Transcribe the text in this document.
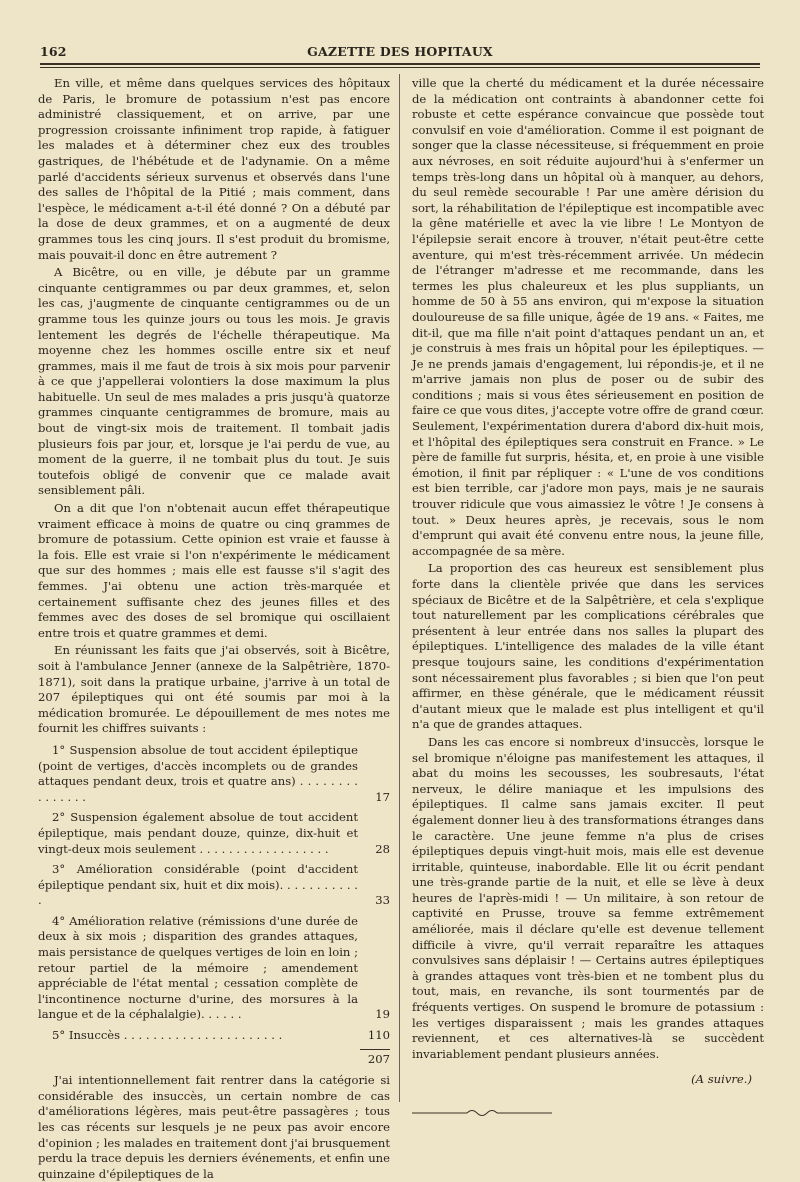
162	GAZETTE DES HOPITAUX

En ville, et même dans quelques services des hôpitaux de Paris, le bromure de potassium n'est pas encore administré classiquement, et on arrive, par une progression croissante infiniment trop rapide, à fatiguer les malades et à déterminer chez eux des troubles gastriques, de l'hébétude et de l'adynamie. On a même parlé d'accidents sérieux survenus et observés dans l'une des salles de l'hôpital de la Pitié ; mais comment, dans l'espèce, le médicament a-t-il été donné ? On a débuté par la dose de deux grammes, et on a augmenté de deux grammes tous les cinq jours. Il s'est produit du bromisme, mais pouvait-il donc en être autrement ?

A Bicêtre, ou en ville, je débute par un gramme cinquante centigrammes ou par deux grammes, et, selon les cas, j'augmente de cinquante centigrammes ou de un gramme tous les quinze jours ou tous les mois. Je gravis lentement les degrés de l'échelle thérapeutique. Ma moyenne chez les hommes oscille entre six et neuf grammes, mais il me faut de trois à six mois pour parvenir à ce que j'appellerai volontiers la dose maximum la plus habituelle. Un seul de mes malades a pris jusqu'à quatorze grammes cinquante centigrammes de bromure, mais au bout de vingt-six mois de traitement. Il tombait jadis plusieurs fois par jour, et, lorsque je l'ai perdu de vue, au moment de la guerre, il ne tombait plus du tout. Je suis toutefois obligé de convenir que ce malade avait sensiblement pâli.

On a dit que l'on n'obtenait aucun effet thérapeutique vraiment efficace à moins de quatre ou cinq grammes de bromure de potassium. Cette opinion est vraie et fausse à la fois. Elle est vraie si l'on n'expérimente le médicament que sur des hommes ; mais elle est fausse s'il s'agit des femmes. J'ai obtenu une action très-marquée et certainement suffisante chez des jeunes filles et des femmes avec des doses de sel bromique qui oscillaient entre trois et quatre grammes et demi.

En réunissant les faits que j'ai observés, soit à Bicêtre, soit à l'ambulance Jenner (annexe de la Salpêtrière, 1870-1871), soit dans la pratique urbaine, j'arrive à un total de 207 épileptiques qui ont été soumis par moi à la médication bromurée. Le dépouillement de mes notes me fournit les chiffres suivants :

1° Suspension absolue de tout accident épileptique (point de vertiges, d'accès incomplets ou de grandes attaques pendant deux, trois et quatre ans) . . . . . . . . . . . . . . .	17
2° Suspension également absolue de tout accident épileptique, mais pendant douze, quinze, dix-huit et vingt-deux mois seulement . . . . . . . . . . . . . . . . . .	28
3° Amélioration considérable (point d'accident épileptique pendant six, huit et dix mois). . . . . . . . . . . .	33
4° Amélioration relative (rémissions d'une durée de deux à six mois ; disparition des grandes attaques, mais persistance de quelques vertiges de loin en loin ; retour partiel de la mémoire ; amendement appréciable de l'état mental ; cessation complète de l'incontinence nocturne d'urine, des morsures à la langue et de la céphalalgie). . . . . .	19
5° Insuccès . . . . . . . . . . . . . . . . . . . . . .	110
207

J'ai intentionnellement fait rentrer dans la catégorie si considérable des insuccès, un certain nombre de cas d'améliorations légères, mais peut-être passagères ; tous les cas récents sur lesquels je ne peux pas avoir encore d'opinion ; les malades en traitement dont j'ai brusquement perdu la trace depuis les derniers événements, et enfin une quinzaine d'épileptiques de la

ville que la cherté du médicament et la durée nécessaire de la médication ont contraints à abandonner cette foi robuste et cette espérance convaincue que possède tout convulsif en voie d'amélioration. Comme il est poignant de songer que la classe nécessiteuse, si fréquemment en proie aux névroses, en soit réduite aujourd'hui à s'enfermer un temps très-long dans un hôpital où à manquer, au dehors, du seul remède secourable ! Par une amère dérision du sort, la réhabilitation de l'épileptique est incompatible avec la gêne matérielle et avec la vie libre ! Le Montyon de l'épilepsie serait encore à trouver, n'était peut-être cette aventure, qui m'est très-récemment arrivée. Un médecin de l'étranger m'adresse et me recommande, dans les termes les plus chaleureux et les plus suppliants, un homme de 50 à 55 ans environ, qui m'expose la situation douloureuse de sa fille unique, âgée de 19 ans. « Faites, me dit-il, que ma fille n'ait point d'attaques pendant un an, et je construis à mes frais un hôpital pour les épileptiques. — Je ne prends jamais d'engagement, lui répondis-je, et il ne m'arrive jamais non plus de poser ou de subir des conditions ; mais si vous êtes sérieusement en position de faire ce que vous dites, j'accepte votre offre de grand cœur. Seulement, l'expérimentation durera d'abord dix-huit mois, et l'hôpital des épileptiques sera construit en France. » Le père de famille fut surpris, hésita, et, en proie à une visible émotion, il finit par répliquer : « L'une de vos conditions est bien terrible, car j'adore mon pays, mais je ne saurais trouver ridicule que vous aimassiez le vôtre ! Je consens à tout. » Deux heures après, je recevais, sous le nom d'emprunt qui avait été convenu entre nous, la jeune fille, accompagnée de sa mère.

La proportion des cas heureux est sensiblement plus forte dans la clientèle privée que dans les services spéciaux de Bicêtre et de la Salpêtrière, et cela s'explique tout naturellement par les complications cérébrales que présentent à leur entrée dans nos salles la plupart des épileptiques. L'intelligence des malades de la ville étant presque toujours saine, les conditions d'expérimentation sont nécessairement plus favorables ; si bien que l'on peut affirmer, en thèse générale, que le médicament réussit d'autant mieux que le malade est plus intelligent et qu'il n'a que de grandes attaques.

Dans les cas encore si nombreux d'insuccès, lorsque le sel bromique n'éloigne pas manifestement les attaques, il abat du moins les secousses, les soubresauts, l'état nerveux, le délire maniaque et les impulsions des épileptiques. Il calme sans jamais exciter. Il peut également donner lieu à des transformations étranges dans le caractère. Une jeune femme n'a plus de crises épileptiques depuis vingt-huit mois, mais elle est devenue irritable, quinteuse, inabordable. Elle lit ou écrit pendant une très-grande partie de la nuit, et elle se lève à deux heures de l'après-midi ! — Un militaire, à son retour de captivité en Prusse, trouve sa femme extrêmement améliorée, mais il déclare qu'elle est devenue tellement difficile à vivre, qu'il verrait reparaître les attaques convulsives sans déplaisir ! — Certains autres épileptiques à grandes attaques vont très-bien et ne tombent plus du tout, mais, en revanche, ils sont tourmentés par de fréquents vertiges. On suspend le bromure de potassium : les vertiges disparaissent ; mais les grandes attaques reviennent, et ces alternatives-là se succèdent invariablement pendant plusieurs années.

(A suivre.)
